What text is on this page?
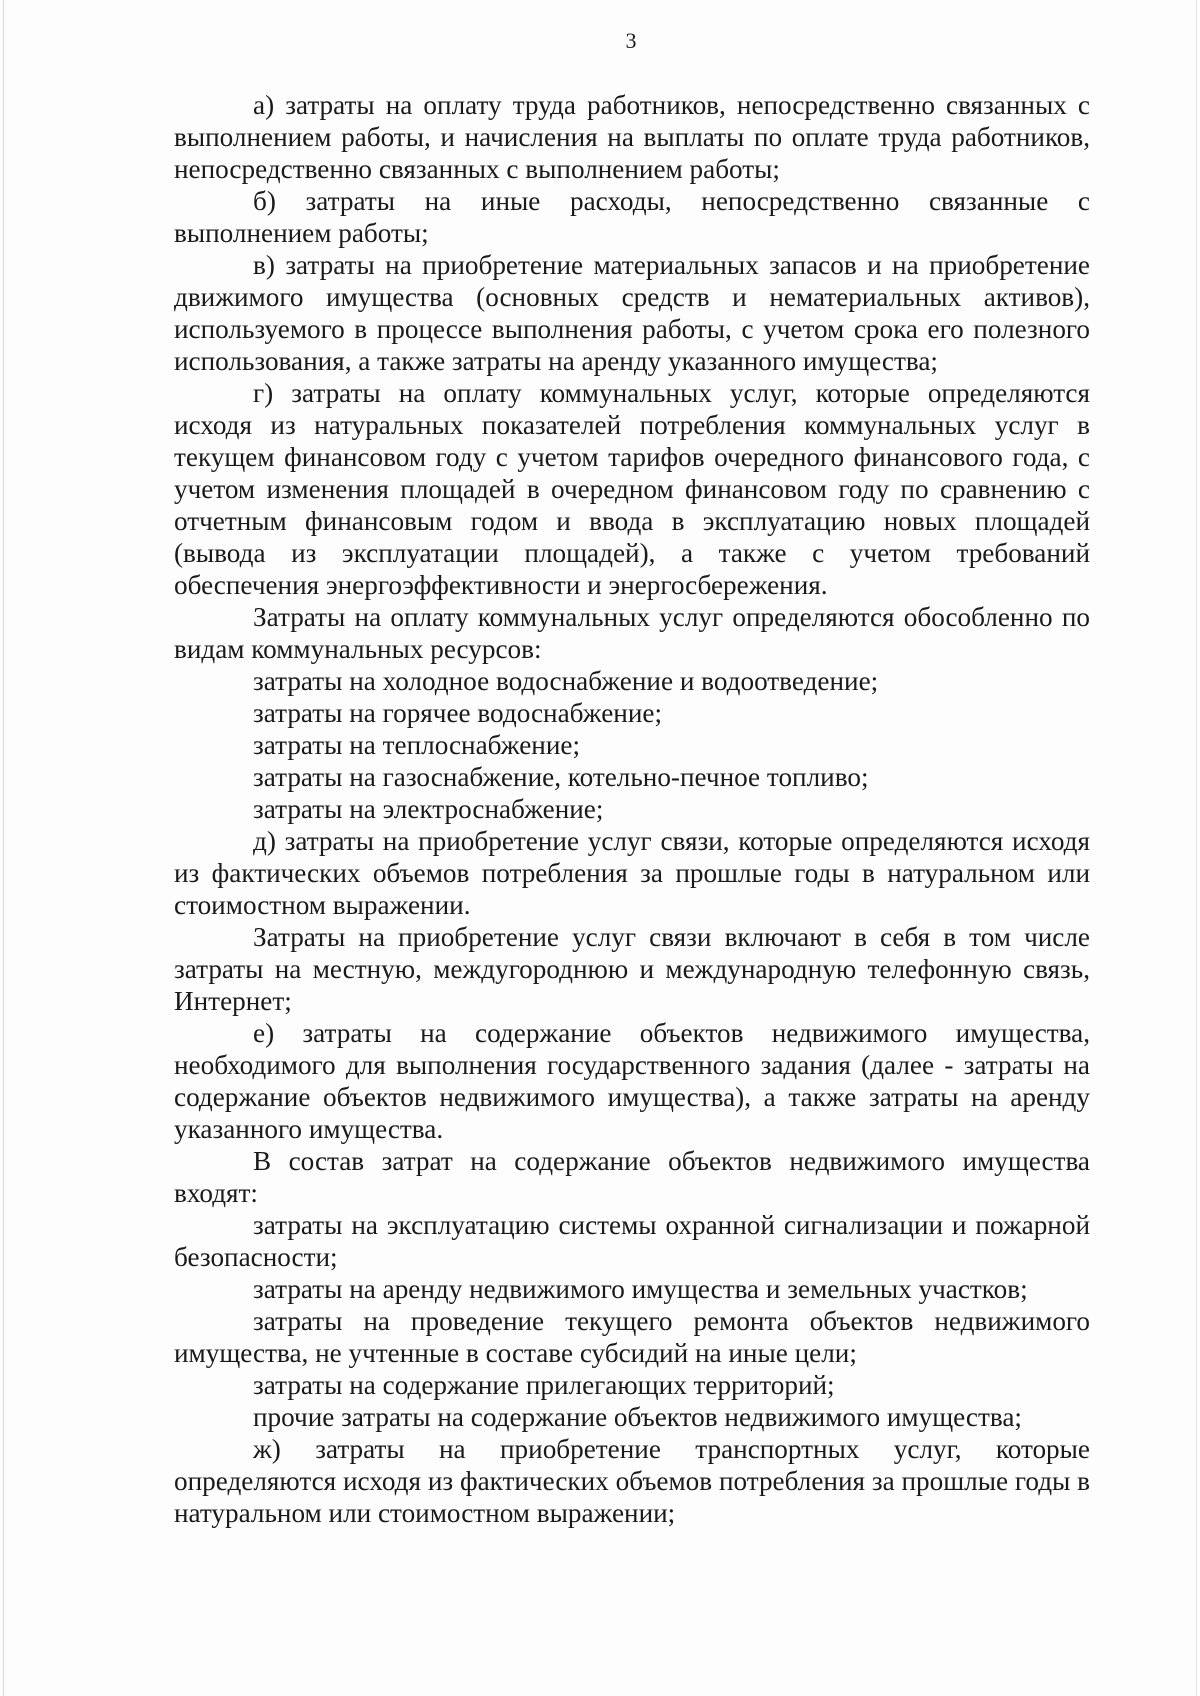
3

а) затраты на оплату труда работников, непосредственно связанных с выполнением работы, и начисления на выплаты по оплате труда работников, непосредственно связанных с выполнением работы;

б) затраты на иные расходы, непосредственно связанные с выполнением работы;

в) затраты на приобретение материальных запасов и на приобретение движимого имущества (основных средств и нематериальных активов), используемого в процессе выполнения работы, с учетом срока его полезного использования, а также затраты на аренду указанного имущества;

г) затраты на оплату коммунальных услуг, которые определяются исходя из натуральных показателей потребления коммунальных услуг в текущем финансовом году с учетом тарифов очередного финансового года, с учетом изменения площадей в очередном финансовом году по сравнению с отчетным финансовым годом и ввода в эксплуатацию новых площадей (вывода из эксплуатации площадей), а также с учетом требований обеспечения энергоэффективности и энергосбережения.

Затраты на оплату коммунальных услуг определяются обособленно по видам коммунальных ресурсов:

затраты на холодное водоснабжение и водоотведение;

затраты на горячее водоснабжение;

затраты на теплоснабжение;

затраты на газоснабжение, котельно-печное топливо;

затраты на электроснабжение;

д) затраты на приобретение услуг связи, которые определяются исходя из фактических объемов потребления за прошлые годы в натуральном или стоимостном выражении.

Затраты на приобретение услуг связи включают в себя в том числе затраты на местную, междугороднюю и международную телефонную связь, Интернет;

е) затраты на содержание объектов недвижимого имущества, необходимого для выполнения государственного задания (далее - затраты на содержание объектов недвижимого имущества), а также затраты на аренду указанного имущества.

В состав затрат на содержание объектов недвижимого имущества входят:

затраты на эксплуатацию системы охранной сигнализации и пожарной безопасности;

затраты на аренду недвижимого имущества и земельных участков;

затраты на проведение текущего ремонта объектов недвижимого имущества, не учтенные в составе субсидий на иные цели;

затраты на содержание прилегающих территорий;

прочие затраты на содержание объектов недвижимого имущества;

ж) затраты на приобретение транспортных услуг, которые определяются исходя из фактических объемов потребления за прошлые годы в натуральном или стоимостном выражении;
